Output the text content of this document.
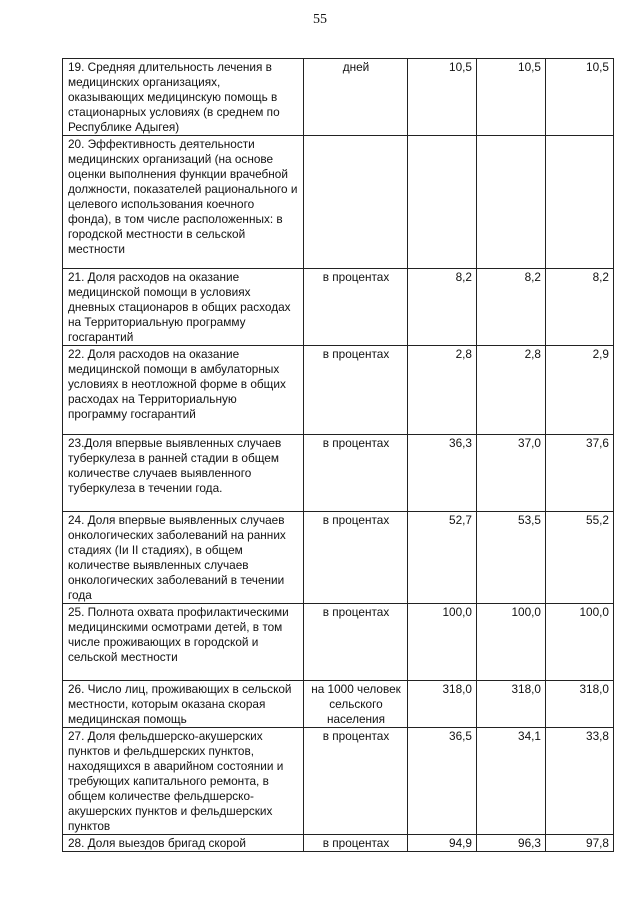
55
19. Средняя длительность лечения в медицинских организациях, оказывающих медицинскую помощь в стационарных условиях (в среднем по Республике Адыгея)	дней	10,5	10,5	10,5
20. Эффективность деятельности медицинских организаций (на основе оценки выполнения функции врачебной должности, показателей рационального и целевого использования коечного фонда), в том числе расположенных: в городской местности в сельской местности				
21. Доля расходов на оказание медицинской помощи в условиях дневных стационаров в общих расходах на Территориальную программу госгарантий	в процентах	8,2	8,2	8,2
22. Доля расходов на оказание медицинской помощи в амбулаторных условиях в неотложной форме в общих расходах на Территориальную программу госгарантий	в процентах	2,8	2,8	2,9
23.Доля впервые выявленных случаев туберкулеза в ранней стадии в общем количестве случаев выявленного туберкулеза в течении года.	в процентах	36,3	37,0	37,6
24. Доля впервые выявленных случаев онкологических заболеваний на ранних стадиях (Iи II стадиях), в общем количестве выявленных случаев онкологических заболеваний в течении года	в процентах	52,7	53,5	55,2
25. Полнота охвата профилактическими медицинскими осмотрами детей, в том числе проживающих в городской и сельской местности	в процентах	100,0	100,0	100,0
26. Число лиц, проживающих в сельской местности, которым оказана скорая медицинская помощь	на 1000 человек сельского населения	318,0	318,0	318,0
27. Доля фельдшерско-акушерских пунктов и фельдшерских пунктов, находящихся в аварийном состоянии и требующих капитального ремонта, в общем количестве фельдшерско-акушерских пунктов и фельдшерских пунктов	в процентах	36,5	34,1	33,8
28. Доля выездов бригад скорой	в процентах	94,9	96,3	97,8
